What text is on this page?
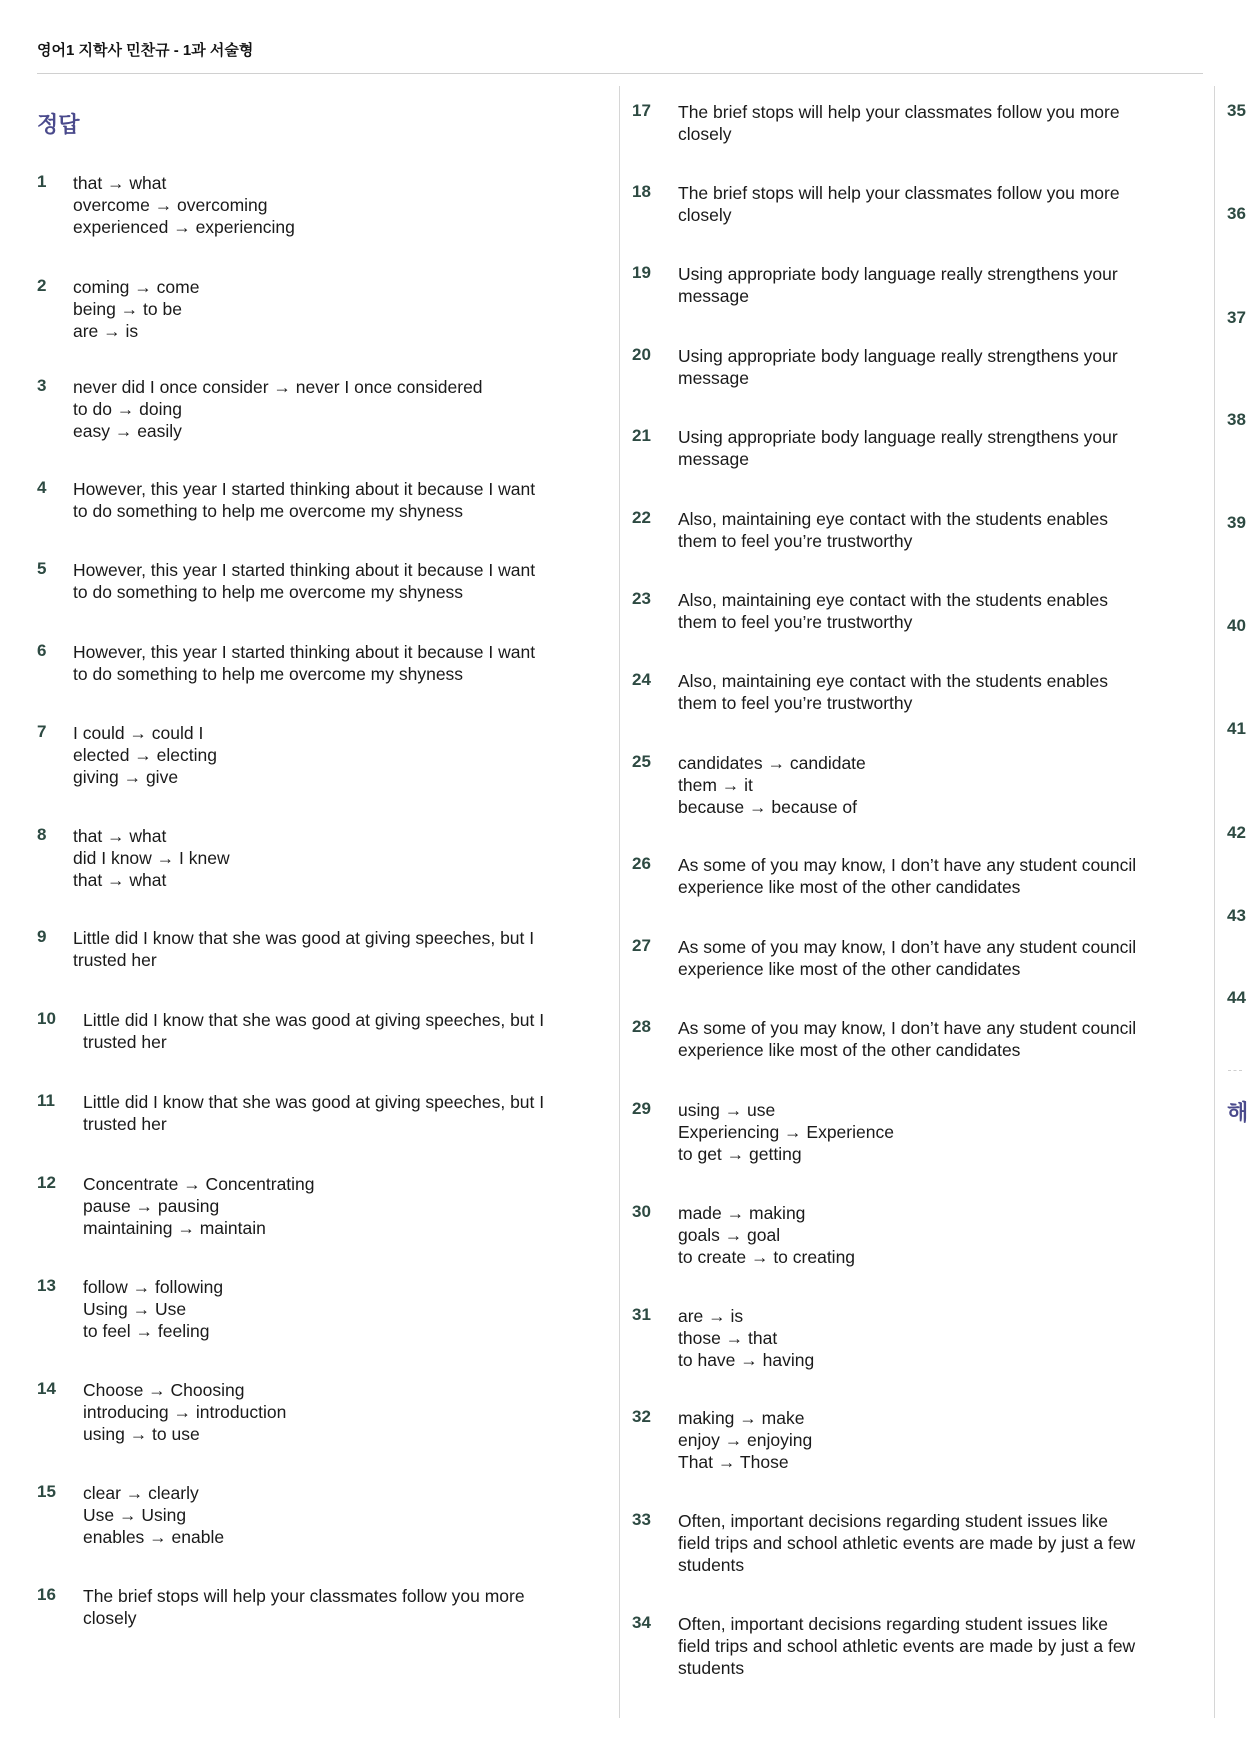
영어1 지학사 민찬규 - 1과 서술형
정답
1 that → what
overcome → overcoming
experienced → experiencing
2 coming → come
being → to be
are → is
3 never did I once consider → never I once considered
to do → doing
easy → easily
4 However, this year I started thinking about it because I want
to do something to help me overcome my shyness
5 However, this year I started thinking about it because I want
to do something to help me overcome my shyness
6 However, this year I started thinking about it because I want
to do something to help me overcome my shyness
7 I could → could I
elected → electing
giving → give
8 that → what
did I know → I knew
that → what
9 Little did I know that she was good at giving speeches, but I
trusted her
10 Little did I know that she was good at giving speeches, but I
trusted her
11 Little did I know that she was good at giving speeches, but I
trusted her
12 Concentrate → Concentrating
pause → pausing
maintaining → maintain
13 follow → following
Using → Use
to feel → feeling
14 Choose → Choosing
introducing → introduction
using → to use
15 clear → clearly
Use → Using
enables → enable
16 The brief stops will help your classmates follow you more
closely
17 The brief stops will help your classmates follow you more
closely
18 The brief stops will help your classmates follow you more
closely
19 Using appropriate body language really strengthens your
message
20 Using appropriate body language really strengthens your
message
21 Using appropriate body language really strengthens your
message
22 Also, maintaining eye contact with the students enables
them to feel you’re trustworthy
23 Also, maintaining eye contact with the students enables
them to feel you’re trustworthy
24 Also, maintaining eye contact with the students enables
them to feel you’re trustworthy
25 candidates → candidate
them → it
because → because of
26 As some of you may know, I don’t have any student council
experience like most of the other candidates
27 As some of you may know, I don’t have any student council
experience like most of the other candidates
28 As some of you may know, I don’t have any student council
experience like most of the other candidates
29 using → use
Experiencing → Experience
to get → getting
30 made → making
goals → goal
to create → to creating
31 are → is
those → that
to have → having
32 making → make
enjoy → enjoying
That → Those
33 Often, important decisions regarding student issues like
field trips and school athletic events are made by just a few
students
34 Often, important decisions regarding student issues like
field trips and school athletic events are made by just a few
students
35
36
37
38
39
40
41
42
43
44
해
